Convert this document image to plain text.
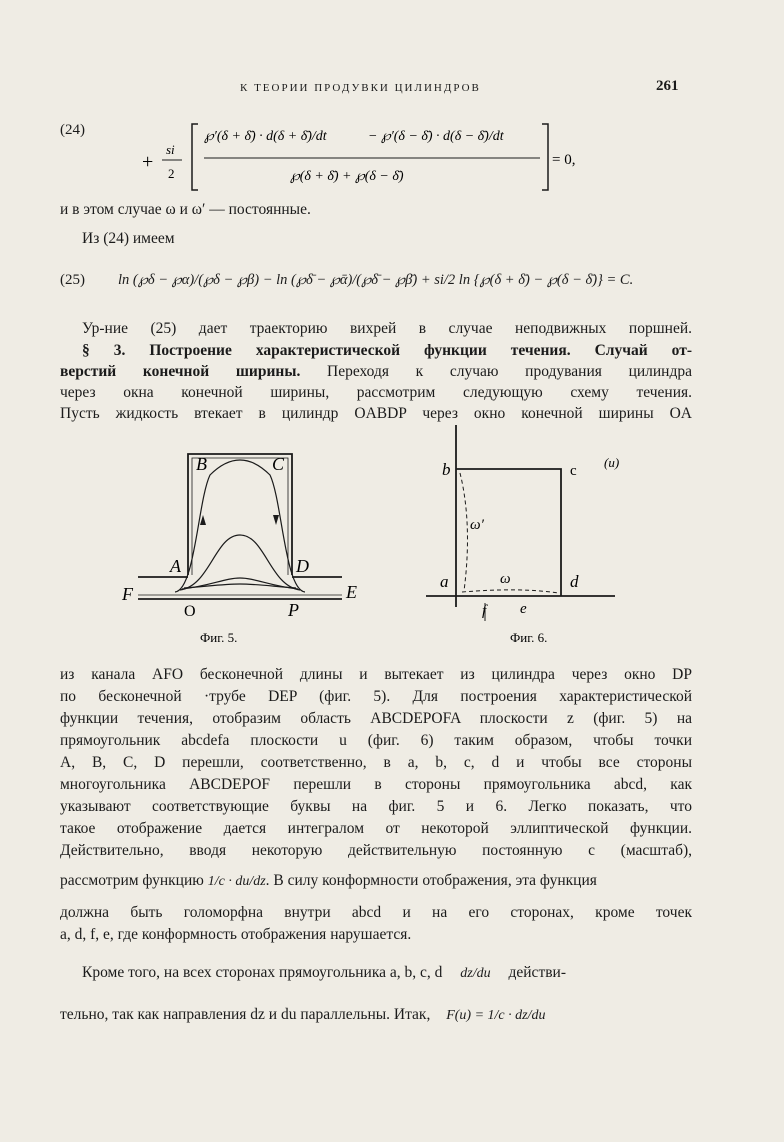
К ТЕОРИИ ПРОДУВКИ ЦИЛИНДРОВ	261
(24)
+
si
2
℘′(δ + δ̄) · d(δ + δ̄)/dt	− ℘′(δ − δ̄) · d(δ − δ̄)/dt
℘(δ + δ̄) + ℘(δ − δ̄)
= 0,
и в этом случае ω и ω′ — постоянные.
Из (24) имеем
(25) ln (℘δ − ℘α)/(℘δ − ℘β) − ln (℘δ̄ − ℘ᾱ)/(℘δ̄ − ℘β̄) + si/2 ln {℘(δ + δ̄) − ℘(δ − δ̄)} = C.
Ур-ние (25) дает траекторию вихрей в случае неподвижных поршней.
§ 3. Построение характеристической функции течения. Случай от-
верстий конечной ширины. Переходя к случаю продувания цилиндра
через окна конечной ширины, рассмотрим следующую схему течения.
Пусть жидкость втекает в цилиндр OABDP через окно конечной ширины OA
B	C
A	D
F	E
O	P
Фиг. 5.
b	c
(u)
ω′
a	ω	d
f e
Фиг. 6.
из канала AFO бесконечной длины и вытекает из цилиндра через окно DP
по бесконечной ·трубе DEP (фиг. 5). Для построения характеристической
функции течения, отобразим область ABCDEPOFA плоскости z (фиг. 5) на
прямоугольник abcdefa плоскости u (фиг. 6) таким образом, чтобы точки
A, B, C, D перешли, соответственно, в a, b, c, d и чтобы все стороны
многоугольника ABCDEPOF перешли в стороны прямоугольника abcd, как
указывают соответствующие буквы на фиг. 5 и 6. Легко показать, что
такое отображение дается интегралом от некоторой эллиптической функции.
Действительно, вводя некоторую действительную постоянную c (масштаб),
рассмотрим функцию 1/c · du/dz. В силу конформности отображения, эта функция
должна быть голоморфна внутри abcd и на его сторонах, кроме точек
a, d, f, e, где конформность отображения нарушается.
Кроме того, на всех сторонах прямоугольника a, b, c, d dz/du действи-
тельно, так как направления dz и du параллельны. Итак, F(u) = 1/c · dz/du
